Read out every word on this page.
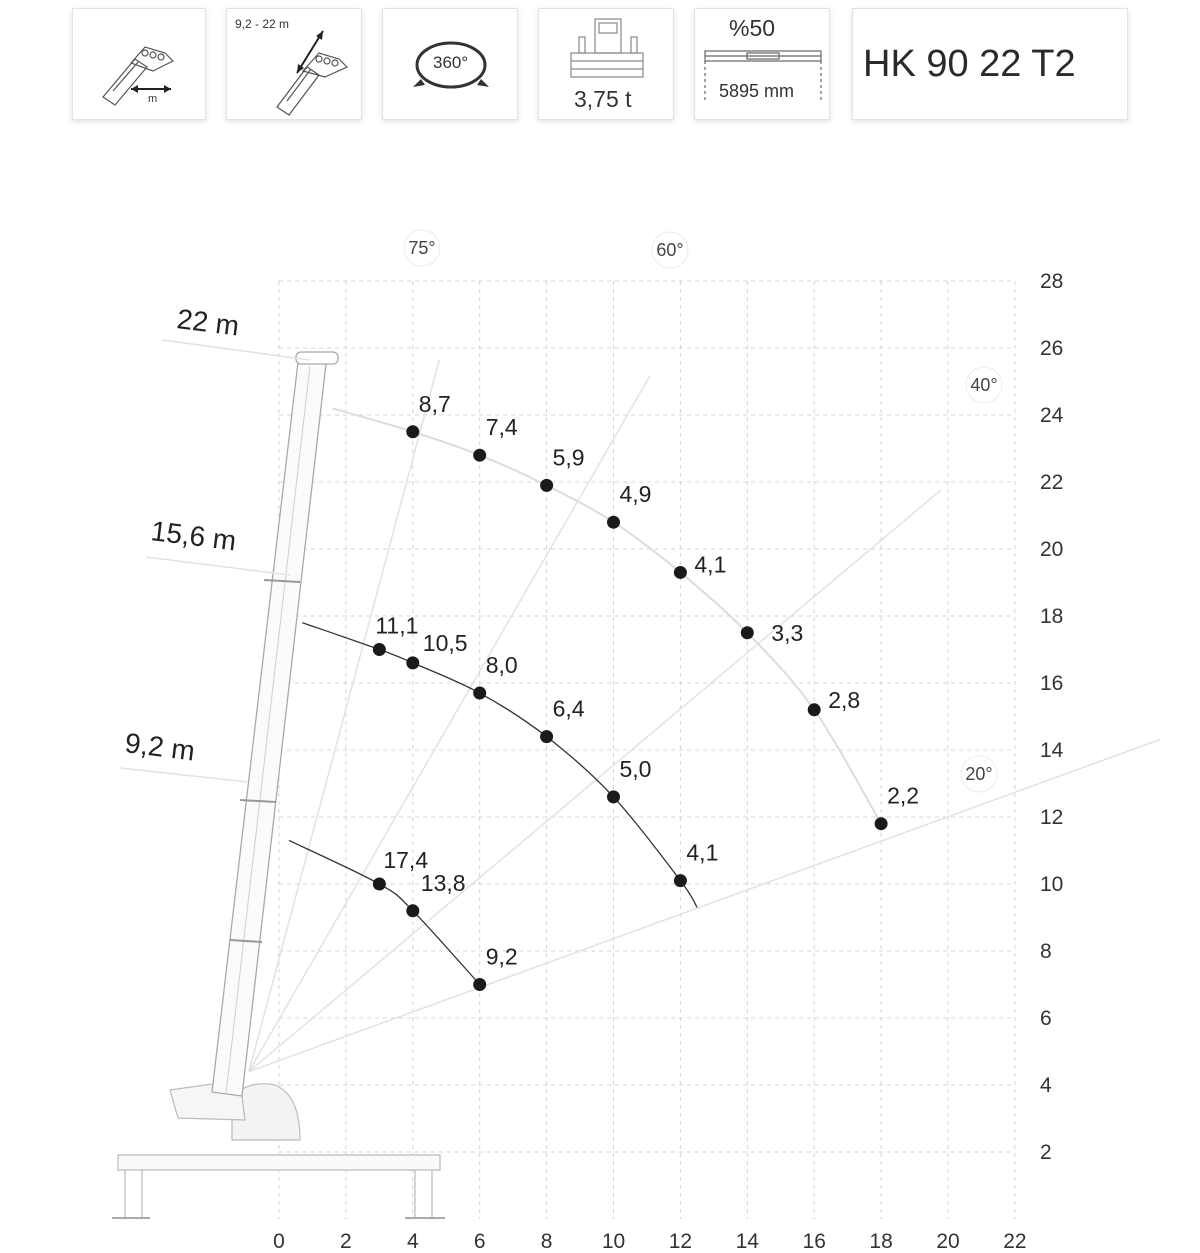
m
9,2 - 22 m
360°
3,75 t
%50
5895 mm
HK 90 22 T2
75°	60°
40°
20°
0	2	4	6	8 10 12 14 16 18 20 22
2
4
6
8
10
12
14
16
18
20
22
24
26
28
22 m
15,6 m
9,2 m
8,7
7,4
5,9
4,9
4,1
3,3
2,8
2,2
11,1
10,5
8,0
6,4
5,0
4,1
17,4
13,8
9,2
